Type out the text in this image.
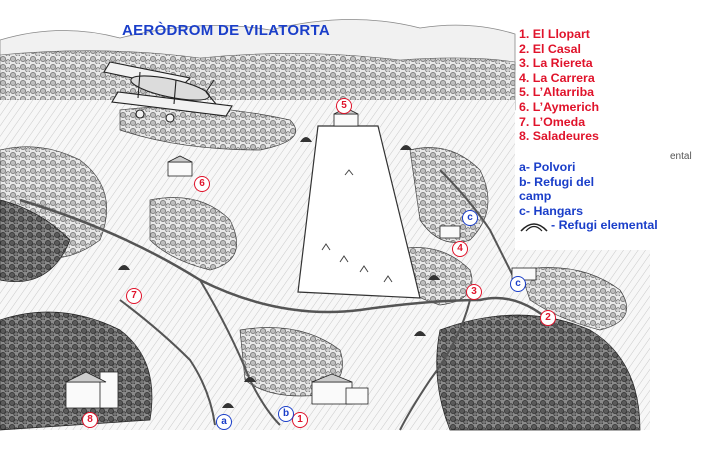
AERÒDROM DE VILATORTA	1. El Llopart
2. El Casal
3. La Riereta
4. La Carrera
5. L’Altarriba
6. L’Aymerich
7. L’Omeda
8. Saladeures
a- Polvori
b- Refugi del camp
c- Hangars
- Refugi elemental
ental
1
2
3
4
5
6
7
8	a
b
c
c
